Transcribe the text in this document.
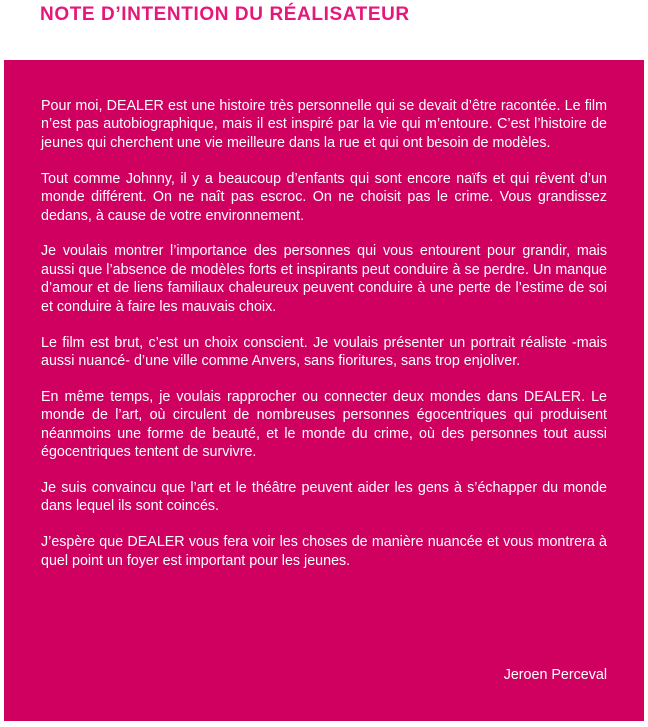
NOTE D’INTENTION DU RÉALISATEUR

Pour moi, DEALER est une histoire très personnelle qui se devait d’être racontée. Le film n’est pas autobiographique, mais il est inspiré par la vie qui m’entoure. C’est l’histoire de jeunes qui cherchent une vie meilleure dans la rue et qui ont besoin de modèles.

Tout comme Johnny, il y a beaucoup d’enfants qui sont encore naïfs et qui rêvent d’un monde différent. On ne naît pas escroc. On ne choisit pas le crime. Vous grandissez dedans, à cause de votre environnement.

Je voulais montrer l’importance des personnes qui vous entourent pour grandir, mais aussi que l’absence de modèles forts et inspirants peut conduire à se perdre. Un manque d’amour et de liens familiaux chaleureux peuvent conduire à une perte de l’estime de soi et conduire à faire les mauvais choix.

Le film est brut, c’est un choix conscient. Je voulais présenter un portrait réaliste -mais aussi nuancé- d’une ville comme Anvers, sans fioritures, sans trop enjoliver.

En même temps, je voulais rapprocher ou connecter deux mondes dans DEALER. Le monde de l’art, où circulent de nombreuses personnes égocentriques qui produisent néanmoins une forme de beauté, et le monde du crime, où des personnes tout aussi égocentriques tentent de survivre.

Je suis convaincu que l’art et le théâtre peuvent aider les gens à s’échapper du monde dans lequel ils sont coincés.

J’espère que DEALER vous fera voir les choses de manière nuancée et vous montrera à quel point un foyer est important pour les jeunes.

Jeroen Perceval
